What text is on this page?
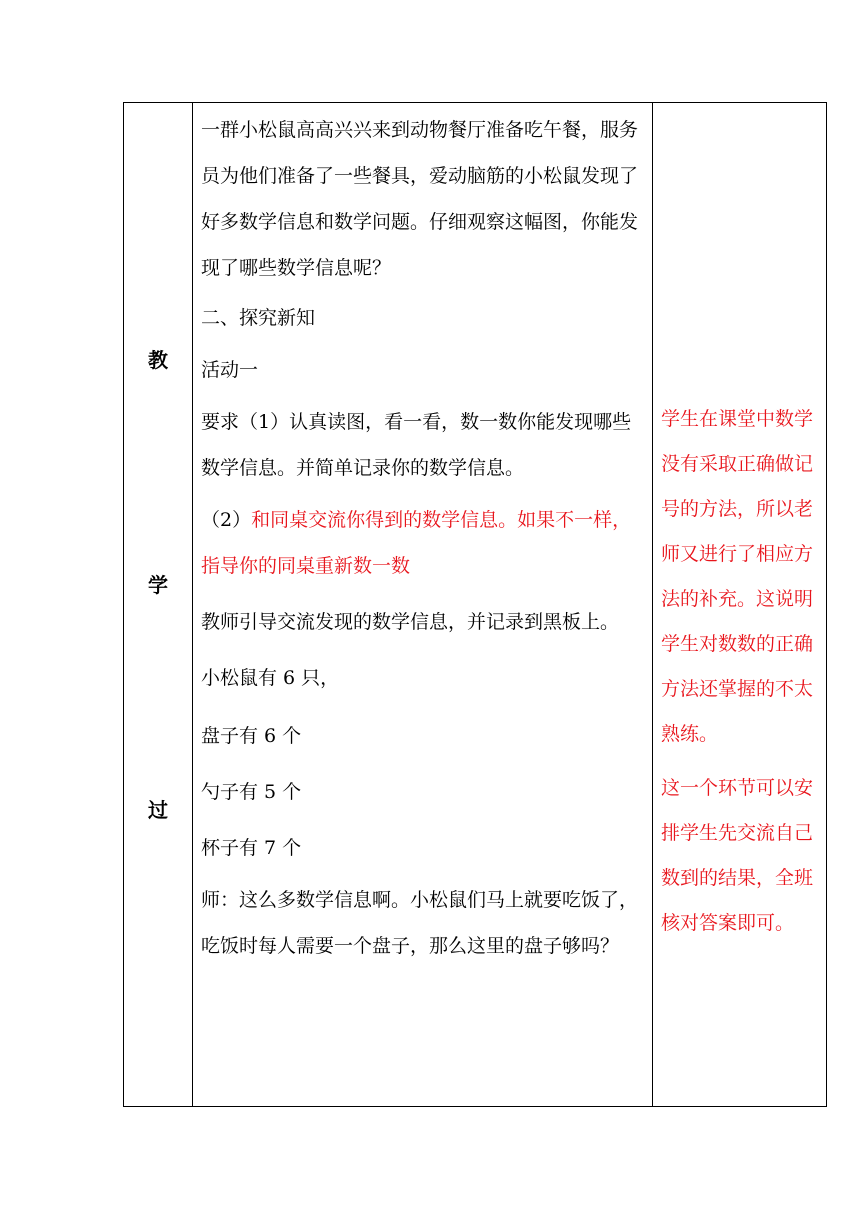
教
学
过

一群小松鼠高高兴兴来到动物餐厅准备吃午餐，服务员为他们准备了一些餐具，爱动脑筋的小松鼠发现了好多数学信息和数学问题。仔细观察这幅图，你能发现了哪些数学信息呢？

二、探究新知

活动一

要求（1）认真读图，看一看，数一数你能发现哪些数学信息。并简单记录你的数学信息。

（2）和同桌交流你得到的数学信息。如果不一样，指导你的同桌重新数一数

教师引导交流发现的数学信息，并记录到黑板上。

小松鼠有 6 只，

盘子有 6 个

勺子有 5 个

杯子有 7 个

师：这么多数学信息啊。小松鼠们马上就要吃饭了，吃饭时每人需要一个盘子，那么这里的盘子够吗？

学生在课堂中数学没有采取正确做记号的方法，所以老师又进行了相应方法的补充。这说明学生对数数的正确方法还掌握的不太熟练。

这一个环节可以安排学生先交流自己数到的结果，全班核对答案即可。
